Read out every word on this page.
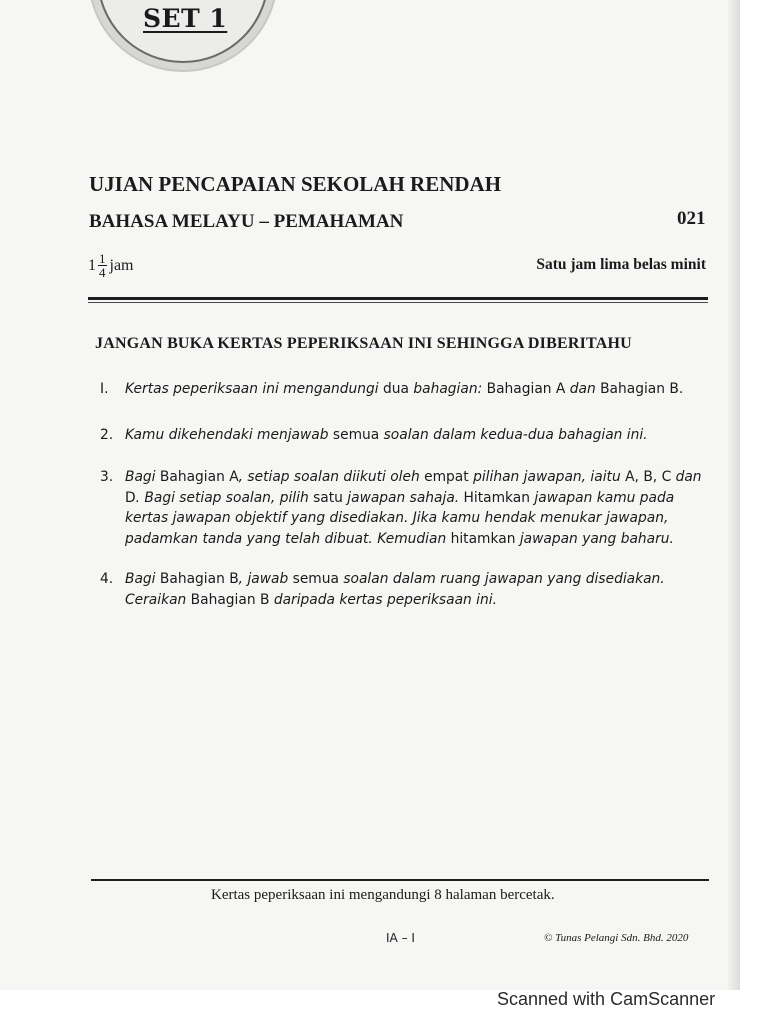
SET 1
UJIAN PENCAPAIAN SEKOLAH RENDAH
BAHASA MELAYU – PEMAHAMAN	021
$1 \frac{1}{4}$ jam	Satu jam lima belas minit
JANGAN BUKA KERTAS PEPERIKSAAN INI SEHINGGA DIBERITAHU
I. Kertas peperiksaan ini mengandungi dua bahagian: Bahagian A dan Bahagian B.
2. Kamu dikehendaki menjawab semua soalan dalam kedua-dua bahagian ini.
3. Bagi Bahagian A, setiap soalan diikuti oleh empat pilihan jawapan, iaitu A, B, C dan D. Bagi setiap soalan, pilih satu jawapan sahaja. Hitamkan jawapan kamu pada kertas jawapan objektif yang disediakan. Jika kamu hendak menukar jawapan, padamkan tanda yang telah dibuat. Kemudian hitamkan jawapan yang baharu.
4. Bagi Bahagian B, jawab semua soalan dalam ruang jawapan yang disediakan. Ceraikan Bahagian B daripada kertas peperiksaan ini.
Kertas peperiksaan ini mengandungi 8 halaman bercetak.
IA – I	© Tunas Pelangi Sdn. Bhd. 2020
Scanned with CamScanner
